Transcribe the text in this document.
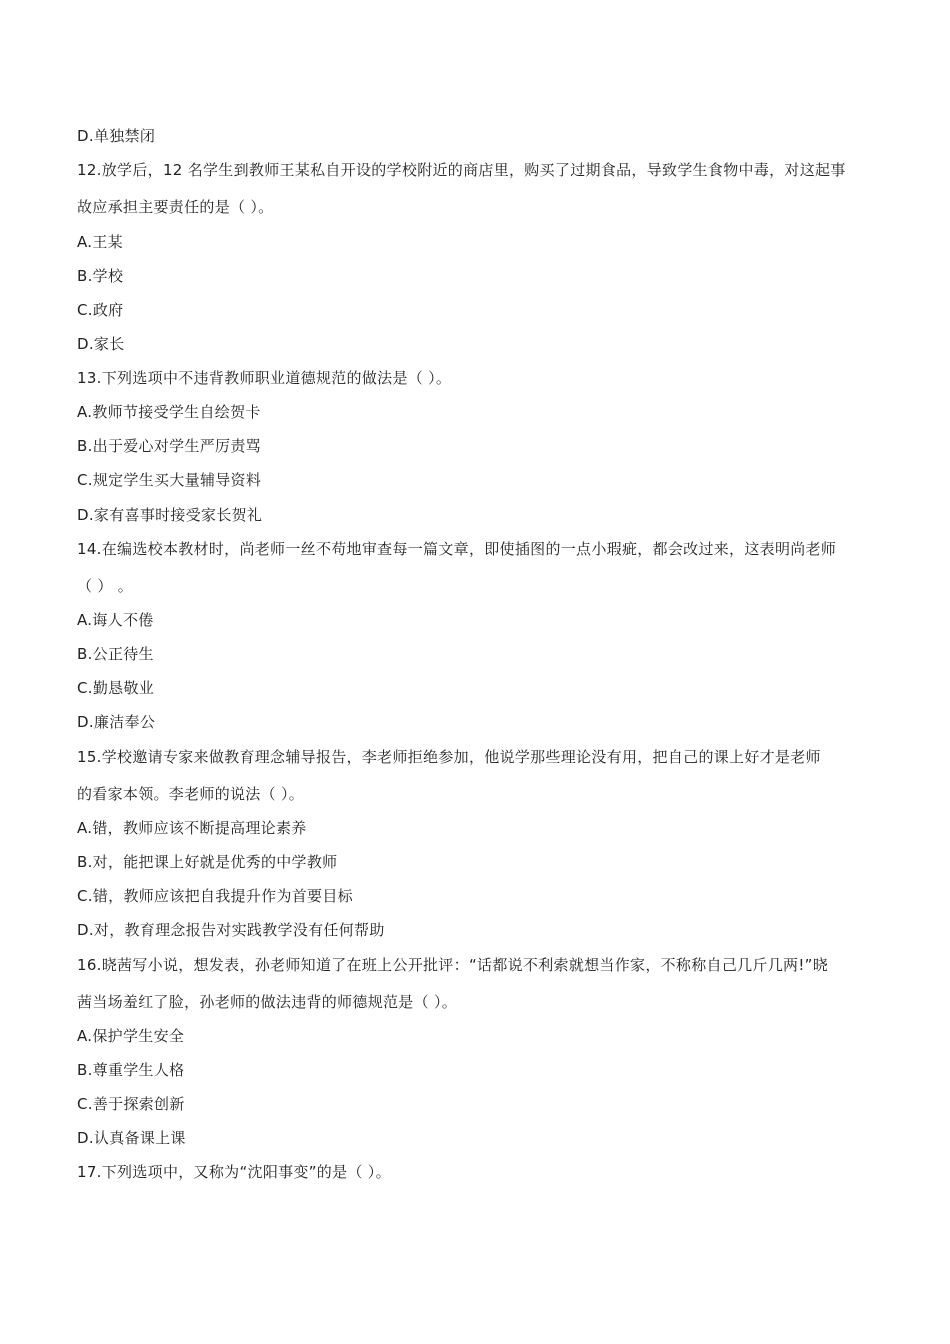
D.单独禁闭
12.放学后，12 名学生到教师王某私自开设的学校附近的商店里，购买了过期食品，导致学生食物中毒，对这起事
故应承担主要责任的是（ ）。
A.王某
B.学校
C.政府
D.家长
13.下列选项中不违背教师职业道德规范的做法是（ ）。
A.教师节接受学生自绘贺卡
B.出于爱心对学生严厉责骂
C.规定学生买大量辅导资料
D.家有喜事时接受家长贺礼
14.在编选校本教材时，尚老师一丝不苟地审查每一篇文章，即使插图的一点小瑕疵，都会改过来，这表明尚老师
（ ） 。
A.诲人不倦
B.公正待生
C.勤恳敬业
D.廉洁奉公
15.学校邀请专家来做教育理念辅导报告，李老师拒绝参加，他说学那些理论没有用，把自己的课上好才是老师
的看家本领。李老师的说法（ ）。
A.错，教师应该不断提高理论素养
B.对，能把课上好就是优秀的中学教师
C.错，教师应该把自我提升作为首要目标
D.对，教育理念报告对实践教学没有任何帮助
16.晓茜写小说，想发表，孙老师知道了在班上公开批评：“话都说不利索就想当作家，不称称自己几斤几两!”晓
茜当场羞红了脸，孙老师的做法违背的师德规范是（ ）。
A.保护学生安全
B.尊重学生人格
C.善于探索创新
D.认真备课上课
17.下列选项中，又称为“沈阳事变”的是（ ）。
